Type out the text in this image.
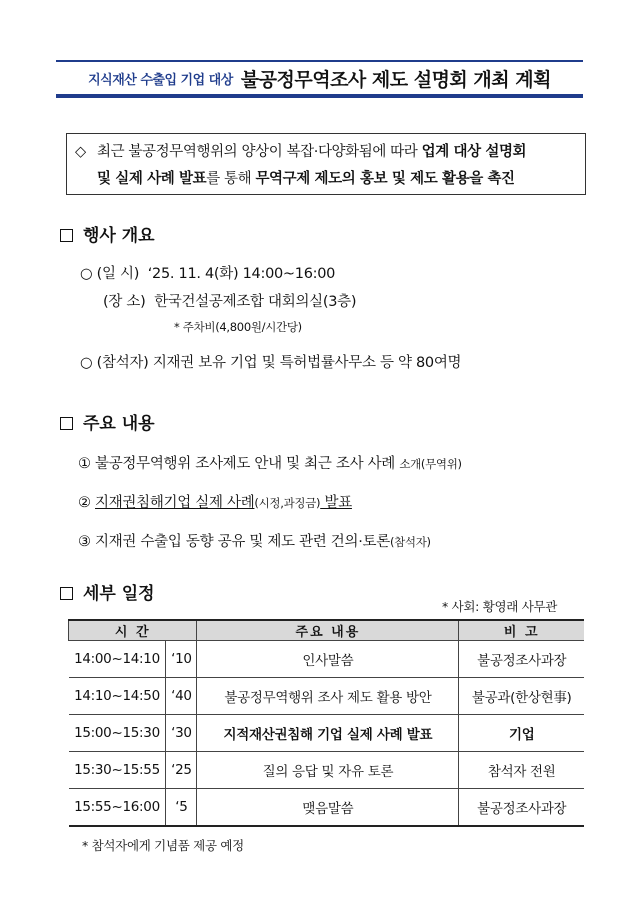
지식재산 수출입 기업 대상 불공정무역조사 제도 설명회 개최 계획
◇ 최근 불공정무역행위의 양상이 복잡·다양화됨에 따라 업계 대상 설명회
및 실제 사례 발표를 통해 무역구제 제도의 홍보 및 제도 활용을 촉진
행사 개요
○ (일 시) ‘25. 11. 4(화) 14:00~16:00
(장 소) 한국건설공제조합 대회의실(3층)
* 주차비(4,800원/시간당)
○ (참석자) 지재권 보유 기업 및 특허법률사무소 등 약 80여명
주요 내용
① 불공정무역행위 조사제도 안내 및 최근 조사 사례 소개(무역위)
② 지재권침해기업 실제 사례(시정,과징금) 발표
③ 지재권 수출입 동향 공유 및 제도 관련 건의·토론(참석자)
세부 일정
* 사회: 황영래 사무관
시 간		주요 내용	비 고
14:00~14:10	‘10	인사말씀	불공정조사과장
14:10~14:50	‘40	불공정무역행위 조사 제도 활용 방안	불공과(한상현事)
15:00~15:30	‘30	지적재산권침해 기업 실제 사례 발표	기업
15:30~15:55	‘25	질의 응답 및 자유 토론	참석자 전원
15:55~16:00	‘5	맺음말씀	불공정조사과장
* 참석자에게 기념품 제공 예정
